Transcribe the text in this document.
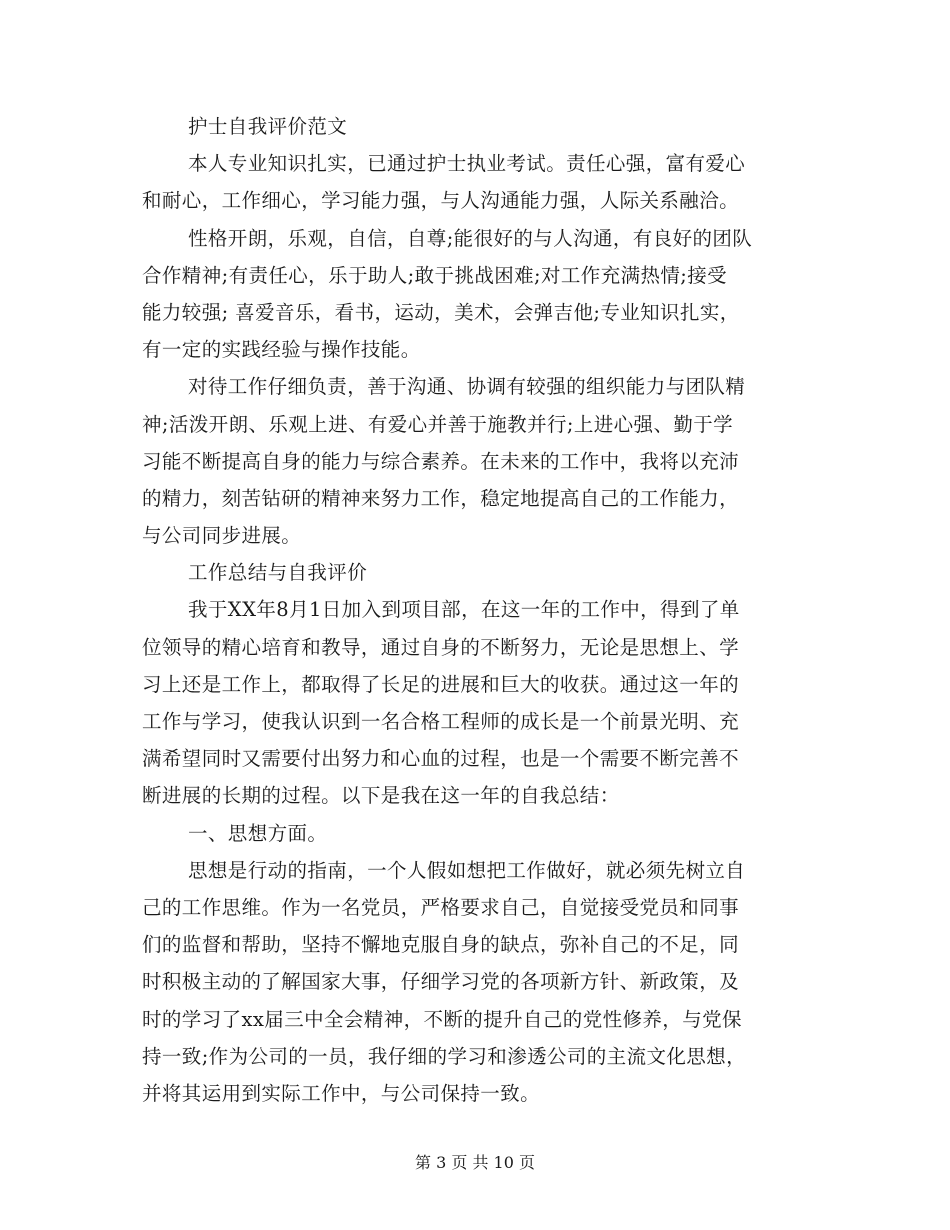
护士自我评价范文
本人专业知识扎实，已通过护士执业考试。责任心强，富有爱心
和耐心，工作细心，学习能力强，与人沟通能力强，人际关系融洽。
性格开朗，乐观，自信，自尊;能很好的与人沟通，有良好的团队
合作精神;有责任心，乐于助人;敢于挑战困难;对工作充满热情;接受
能力较强; 喜爱音乐，看书，运动，美术，会弹吉他;专业知识扎实，
有一定的实践经验与操作技能。
对待工作仔细负责，善于沟通、协调有较强的组织能力与团队精
神;活泼开朗、乐观上进、有爱心并善于施教并行;上进心强、勤于学
习能不断提高自身的能力与综合素养。在未来的工作中，我将以充沛
的精力，刻苦钻研的精神来努力工作，稳定地提高自己的工作能力，
与公司同步进展。
工作总结与自我评价
我于XX年8月1日加入到项目部，在这一年的工作中，得到了单
位领导的精心培育和教导，通过自身的不断努力，无论是思想上、学
习上还是工作上，都取得了长足的进展和巨大的收获。通过这一年的
工作与学习，使我认识到一名合格工程师的成长是一个前景光明、充
满希望同时又需要付出努力和心血的过程，也是一个需要不断完善不
断进展的长期的过程。以下是我在这一年的自我总结：
一、思想方面。
思想是行动的指南，一个人假如想把工作做好，就必须先树立自
己的工作思维。作为一名党员，严格要求自己，自觉接受党员和同事
们的监督和帮助，坚持不懈地克服自身的缺点，弥补自己的不足，同
时积极主动的了解国家大事，仔细学习党的各项新方针、新政策，及
时的学习了xx届三中全会精神，不断的提升自己的党性修养，与党保
持一致;作为公司的一员，我仔细的学习和渗透公司的主流文化思想，
并将其运用到实际工作中，与公司保持一致。
第 3 页 共 10 页
